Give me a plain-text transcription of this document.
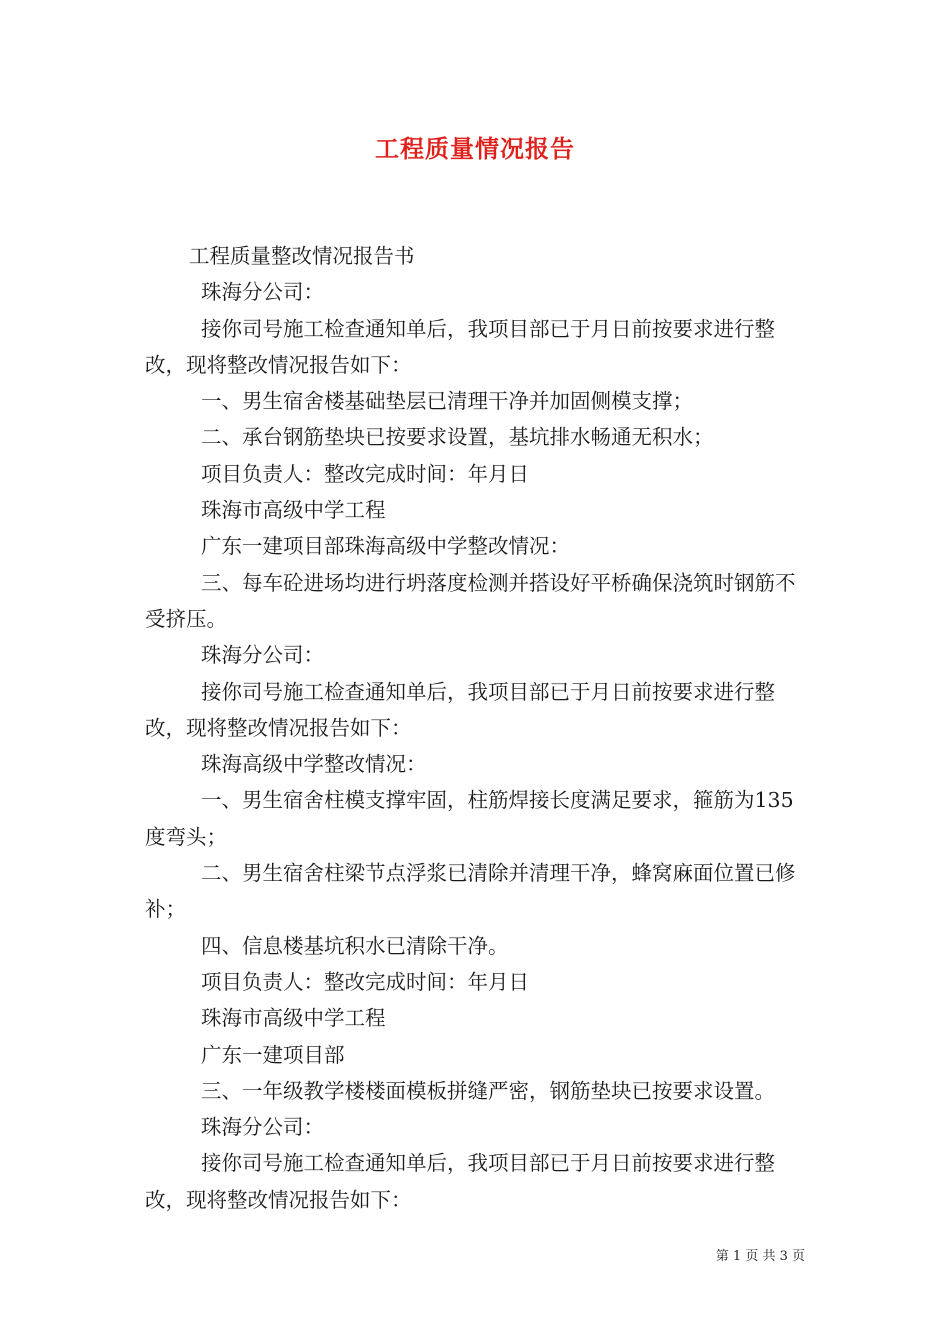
工程质量情况报告

工程质量整改情况报告书

珠海分公司：

接你司号施工检查通知单后，我项目部已于月日前按要求进行整改，现将整改情况报告如下：

一、男生宿舍楼基础垫层已清理干净并加固侧模支撑；

二、承台钢筋垫块已按要求设置，基坑排水畅通无积水；

项目负责人：整改完成时间：年月日

珠海市高级中学工程

广东一建项目部珠海高级中学整改情况：

三、每车砼进场均进行坍落度检测并搭设好平桥确保浇筑时钢筋不受挤压。

珠海分公司：

接你司号施工检查通知单后，我项目部已于月日前按要求进行整改，现将整改情况报告如下：

珠海高级中学整改情况：

一、男生宿舍柱模支撑牢固，柱筋焊接长度满足要求，箍筋为135度弯头；

二、男生宿舍柱梁节点浮浆已清除并清理干净，蜂窝麻面位置已修补；

四、信息楼基坑积水已清除干净。

项目负责人：整改完成时间：年月日

珠海市高级中学工程

广东一建项目部

三、一年级教学楼楼面模板拼缝严密，钢筋垫块已按要求设置。

珠海分公司：

接你司号施工检查通知单后，我项目部已于月日前按要求进行整改，现将整改情况报告如下：

第 1 页 共 3 页
